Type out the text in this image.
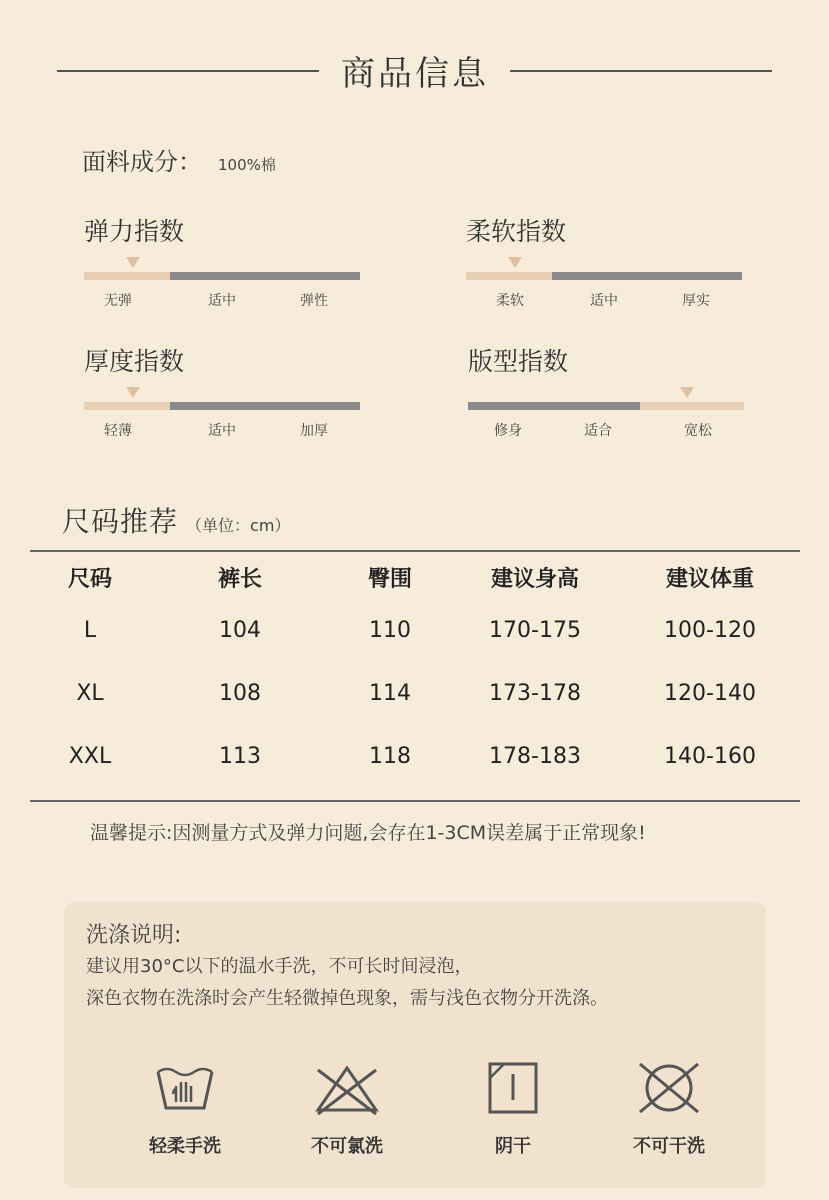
商品信息
面料成分： 100%棉
弹力指数
无弹	适中	弹性
柔软指数
柔软	适中	厚实
厚度指数
轻薄	适中	加厚
版型指数
修身	适合	宽松
尺码推荐 （单位：cm）
尺码	裤长	臀围	建议身高	建议体重
L	104	110	170-175	100-120
XL	108	114	173-178	120-140
XXL	113	118	178-183	140-160
温馨提示:因测量方式及弹力问题,会存在1-3CM误差属于正常现象!
洗涤说明:
建议用30°C以下的温水手洗，不可长时间浸泡，
深色衣物在洗涤时会产生轻微掉色现象，需与浅色衣物分开洗涤。
轻柔手洗	不可氯洗	阴干	不可干洗
